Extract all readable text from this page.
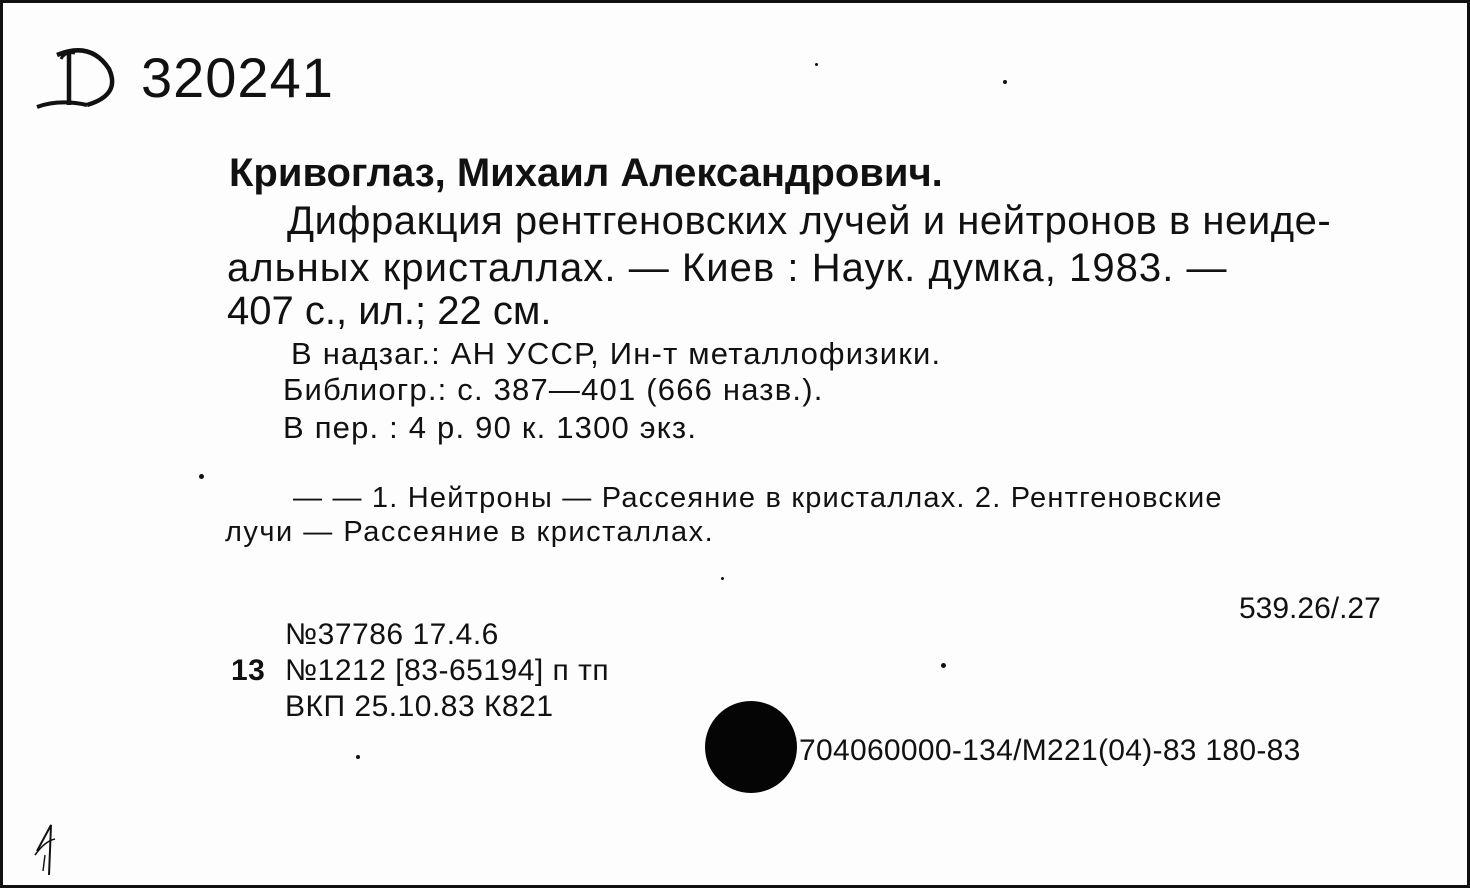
D
320241
Кривоглаз, Михаил Александрович.
Дифракция рентгеновских лучей и нейтронов в неиде-
альных кристаллах. — Киев : Наук. думка, 1983. —
407 с., ил.; 22 см.
В надзаг.: АН УССР, Ин-т металлофизики.
Библиогр.: с. 387—401 (666 назв.).
В пер. : 4 р. 90 к. 1300 экз.
— — 1. Нейтроны — Рассеяние в кристаллах. 2. Рентгеновские
лучи — Рассеяние в кристаллах.
539.26/.27
№37786 17.4.6
13 №1212 [83-65194] п тп
ВКП 25.10.83 К821
704060000-134/М221(04)-83 180-83
